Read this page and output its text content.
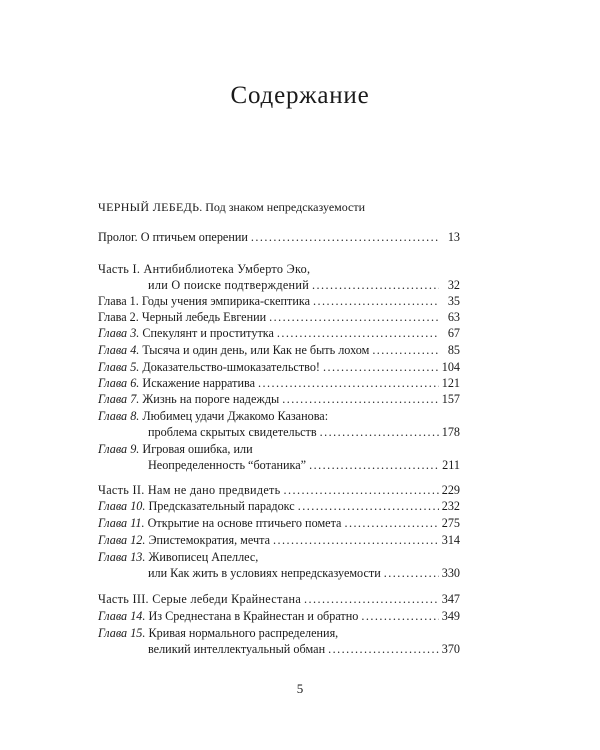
Содержание
ЧЕРНЫЙ ЛЕБЕДЬ. Под знаком непредсказуемости
Пролог. О птичьем оперении . . .	13
Часть I. Антибиблиотека Умберто Эко,
или О поиске подтверждений . . .	32
Глава 1. Годы учения эмпирика-скептика . . .	35
Глава 2. Черный лебедь Евгении . . .	63
Глава 3. Спекулянт и проститутка . . .	67
Глава 4. Тысяча и один день, или Как не быть лохом . . .	85
Глава 5. Доказательство-шмоказательство! . . .	104
Глава 6. Искажение нарратива . . .	121
Глава 7. Жизнь на пороге надежды . . .	157
Глава 8. Любимец удачи Джакомо Казанова:
проблема скрытых свидетельств . . .	178
Глава 9. Игровая ошибка, или
Неопределенность “ботаника” . . .	211
Часть II. Нам не дано предвидеть . . .	229
Глава 10. Предсказательный парадокс . . .	232
Глава 11. Открытие на основе птичьего помета . . .	275
Глава 12. Эпистемократия, мечта . . .	314
Глава 13. Живописец Апеллес,
или Как жить в условиях непредсказуемости . . .	330
Часть III. Серые лебеди Крайнестана . . .	347
Глава 14. Из Среднестана в Крайнестан и обратно . . .	349
Глава 15. Кривая нормального распределения,
великий интеллектуальный обман . . .	370
5
